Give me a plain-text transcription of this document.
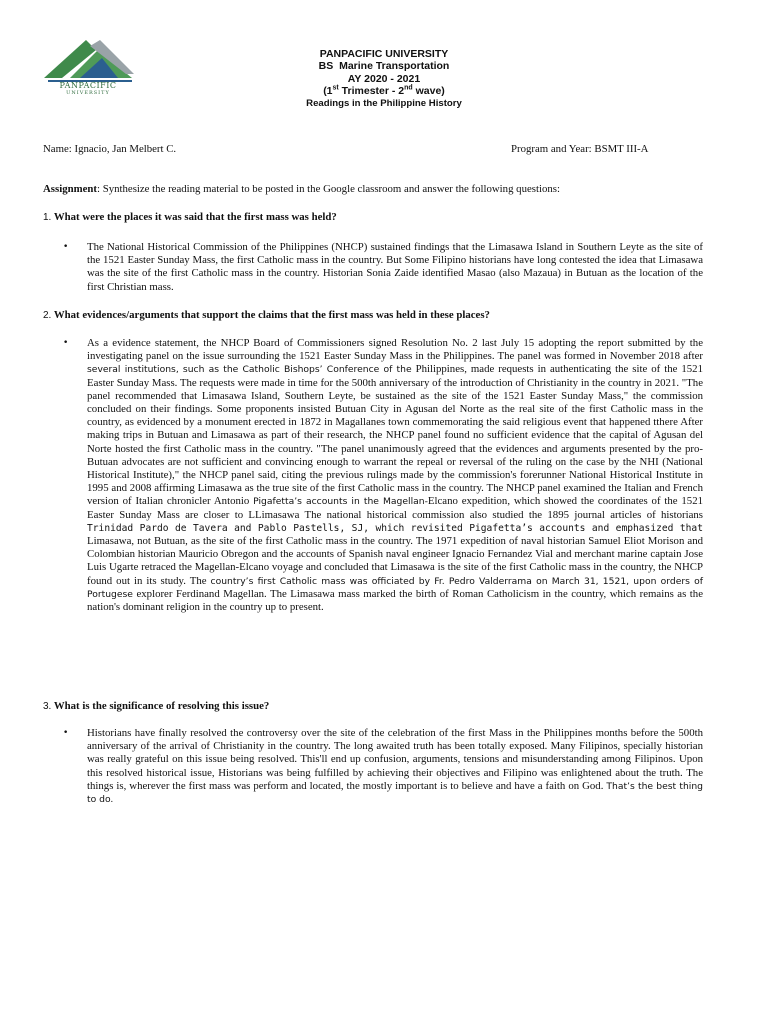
PANPACIFIC
UNIVERSITY
PANPACIFIC UNIVERSITY
BS  Marine Transportation
AY 2020 - 2021
(1st Trimester - 2nd wave)
Readings in the Philippine History
Name: Ignacio, Jan Melbert C.	Program and Year: BSMT III-A
Assignment: Synthesize the reading material to be posted in the Google classroom and answer the following questions:
1. What were the places it was said that the first mass was held?
• The National Historical Commission of the Philippines (NHCP) sustained findings that the Limasawa Island in Southern Leyte as the site of the 1521 Easter Sunday Mass, the first Catholic mass in the country. But Some Filipino historians have long contested the idea that Limasawa was the site of the first Catholic mass in the country. Historian Sonia Zaide identified Masao (also Mazaua) in Butuan as the location of the first Christian mass.
2. What evidences/arguments that support the claims that the first mass was held in these places?
• As a evidence statement, the NHCP Board of Commissioners signed Resolution No. 2 last July 15 adopting the report submitted by the investigating panel on the issue surrounding the 1521 Easter Sunday Mass in the Philippines. The panel was formed in November 2018 after several institutions, such as the Catholic Bishops’ Conference of the Philippines, made requests in authenticating the site of the 1521 Easter Sunday Mass. The requests were made in time for the 500th anniversary of the introduction of Christianity in the country in 2021. "The panel recommended that Limasawa Island, Southern Leyte, be sustained as the site of the 1521 Easter Sunday Mass," the commission concluded on their findings. Some proponents insisted Butuan City in Agusan del Norte as the real site of the first Catholic mass in the country, as evidenced by a monument erected in 1872 in Magallanes town commemorating the said religious event that happened tthere After making trips in Butuan and Limasawa as part of their research, the NHCP panel found no sufficient evidence that the capital of Agusan del Norte hosted the first Catholic mass in the country. "The panel unanimously agreed that the evidences and arguments presented by the pro-Butuan advocates are not sufficient and convincing enough to warrant the repeal or reversal of the ruling on the case by the NHI (National Historical Institute)," the NHCP panel said, citing the previous rulings made by the commission's forerunner National Historical Institute in 1995 and 2008 affirming Limasawa as the true site of the first Catholic mass in the country. The NHCP panel examined the Italian and French version of Italian chronicler Antonio Pigafetta’s accounts in the Magellan-Elcano expedition, which showed the coordinates of the 1521 Easter Sunday Mass are closer to LLimasawa The national historical commission also studied the 1895 journal articles of historians Trinidad Pardo de Tavera and Pablo Pastells, SJ, which revisited Pigafetta’s accounts and emphasized that Limasawa, not Butuan, as the site of the first Catholic mass in the country. The 1971 expedition of naval historian Samuel Eliot Morison and Colombian historian Mauricio Obregon and the accounts of Spanish naval engineer Ignacio Fernandez Vial and merchant marine captain Jose Luis Ugarte retraced the Magellan-Elcano voyage and concluded that Limasawa is the site of the first Catholic mass in the country, the NHCP found out in its study. The country’s first Catholic mass was officiated by Fr. Pedro Valderrama on March 31, 1521, upon orders of Portugese explorer Ferdinand Magellan. The Limasawa mass marked the birth of Roman Catholicism in the country, which remains as the nation's dominant religion in the country up to present.
3. What is the significance of resolving this issue?
• Historians have finally resolved the controversy over the site of the celebration of the first Mass in the Philippines months before the 500th anniversary of the arrival of Christianity in the country. The long awaited truth has been totally exposed. Many Filipinos, specially historian was really grateful on this issue being resolved. This'll end up confusion, arguments, tensions and misunderstanding among Filipinos. Upon this resolved historical issue, Historians was being fulfilled by achieving their objectives and Filipino was enlightened about the truth. The things is, wherever the first mass was perform and located, the mostly important is to believe and have a faith on God. That’s the best thing to do.
